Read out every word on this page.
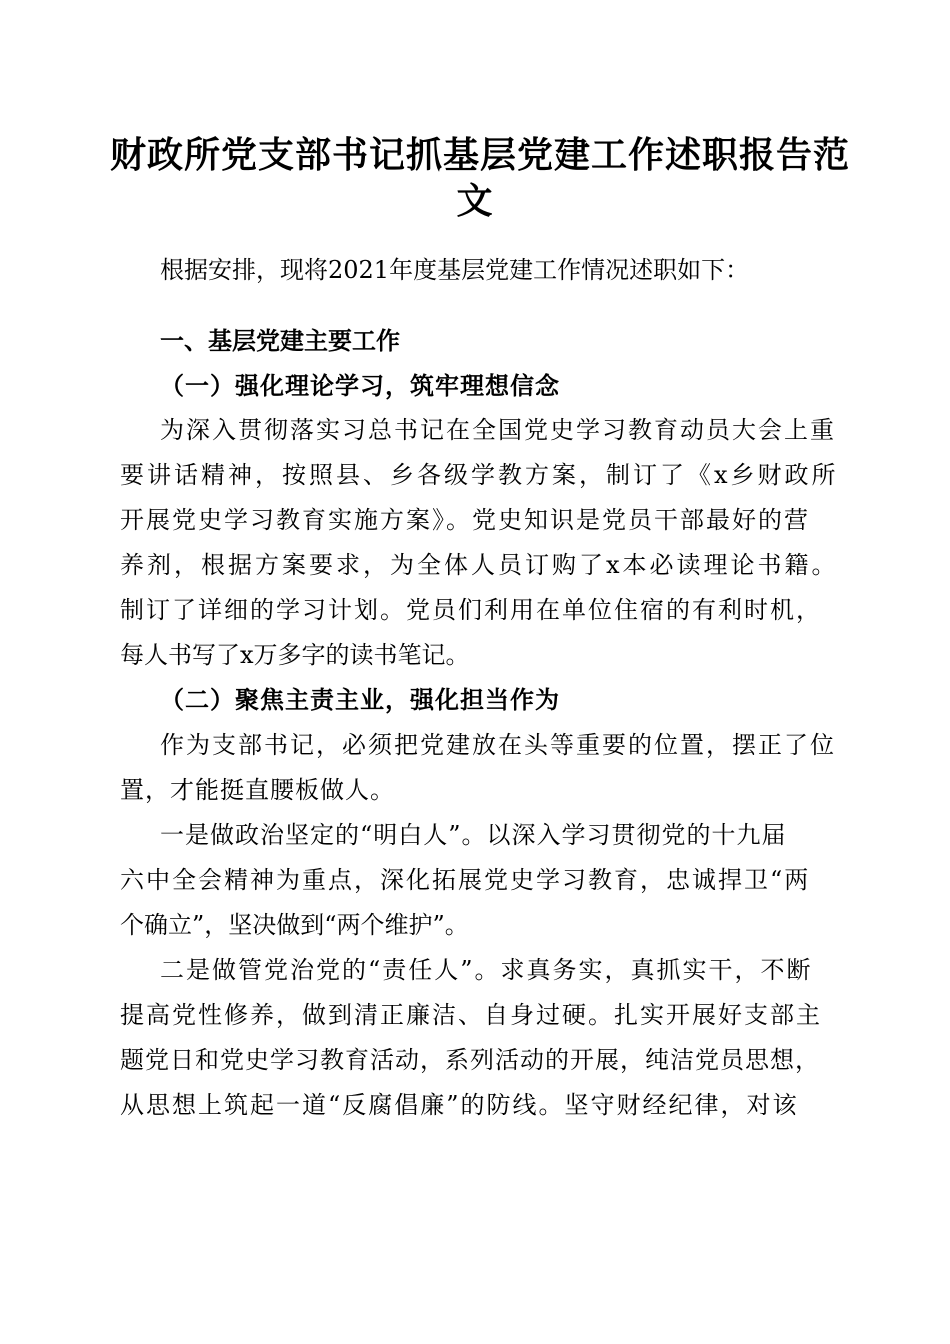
财政所党支部书记抓基层党建工作述职报告范
文
根据安排，现将2021年度基层党建工作情况述职如下：
一、基层党建主要工作
（一）强化理论学习，筑牢理想信念
为深入贯彻落实习总书记在全国党史学习教育动员大会上重
要讲话精神，按照县、乡各级学教方案，制订了《x乡财政所
开展党史学习教育实施方案》。党史知识是党员干部最好的营
养剂，根据方案要求，为全体人员订购了x本必读理论书籍。
制订了详细的学习计划。党员们利用在单位住宿的有利时机，
每人书写了x万多字的读书笔记。
（二）聚焦主责主业，强化担当作为
作为支部书记，必须把党建放在头等重要的位置，摆正了位
置，才能挺直腰板做人。
一是做政治坚定的“明白人”。以深入学习贯彻党的十九届
六中全会精神为重点，深化拓展党史学习教育，忠诚捍卫“两
个确立”，坚决做到“两个维护”。
二是做管党治党的“责任人”。求真务实，真抓实干，不断
提高党性修养，做到清正廉洁、自身过硬。扎实开展好支部主
题党日和党史学习教育活动，系列活动的开展，纯洁党员思想，
从思想上筑起一道“反腐倡廉”的防线。坚守财经纪律，对该
